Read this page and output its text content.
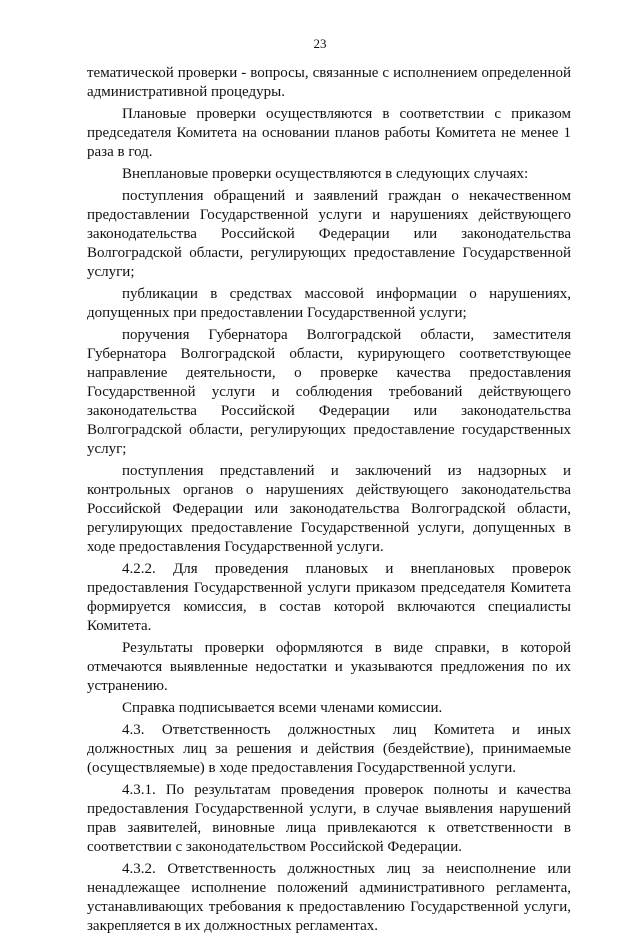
23

тематической проверки - вопросы, связанные с исполнением определенной административной процедуры.

Плановые проверки осуществляются в соответствии с приказом председателя Комитета на основании планов работы Комитета не менее 1 раза в год.

Внеплановые проверки осуществляются в следующих случаях:

поступления обращений и заявлений граждан о некачественном предоставлении Государственной услуги и нарушениях действующего законодательства Российской Федерации или законодательства Волгоградской области, регулирующих предоставление Государственной услуги;

публикации в средствах массовой информации о нарушениях, допущенных при предоставлении Государственной услуги;

поручения Губернатора Волгоградской области, заместителя Губернатора Волгоградской области, курирующего соответствующее направление деятельности, о проверке качества предоставления Государственной услуги и соблюдения требований действующего законодательства Российской Федерации или законодательства Волгоградской области, регулирующих предоставление государственных услуг;

поступления представлений и заключений из надзорных и контрольных органов о нарушениях действующего законодательства Российской Федерации или законодательства Волгоградской области, регулирующих предоставление Государственной услуги, допущенных в ходе предоставления Государственной услуги.

4.2.2. Для проведения плановых и внеплановых проверок предоставления Государственной услуги приказом председателя Комитета формируется комиссия, в состав которой включаются специалисты Комитета.

Результаты проверки оформляются в виде справки, в которой отмечаются выявленные недостатки и указываются предложения по их устранению.

Справка подписывается всеми членами комиссии.

4.3. Ответственность должностных лиц Комитета и иных должностных лиц за решения и действия (бездействие), принимаемые (осуществляемые) в ходе предоставления Государственной услуги.

4.3.1. По результатам проведения проверок полноты и качества предоставления Государственной услуги, в случае выявления нарушений прав заявителей, виновные лица привлекаются к ответственности в соответствии с законодательством Российской Федерации.

4.3.2. Ответственность должностных лиц за неисполнение или ненадлежащее исполнение положений административного регламента, устанавливающих требования к предоставлению Государственной услуги, закрепляется в их должностных регламентах.
